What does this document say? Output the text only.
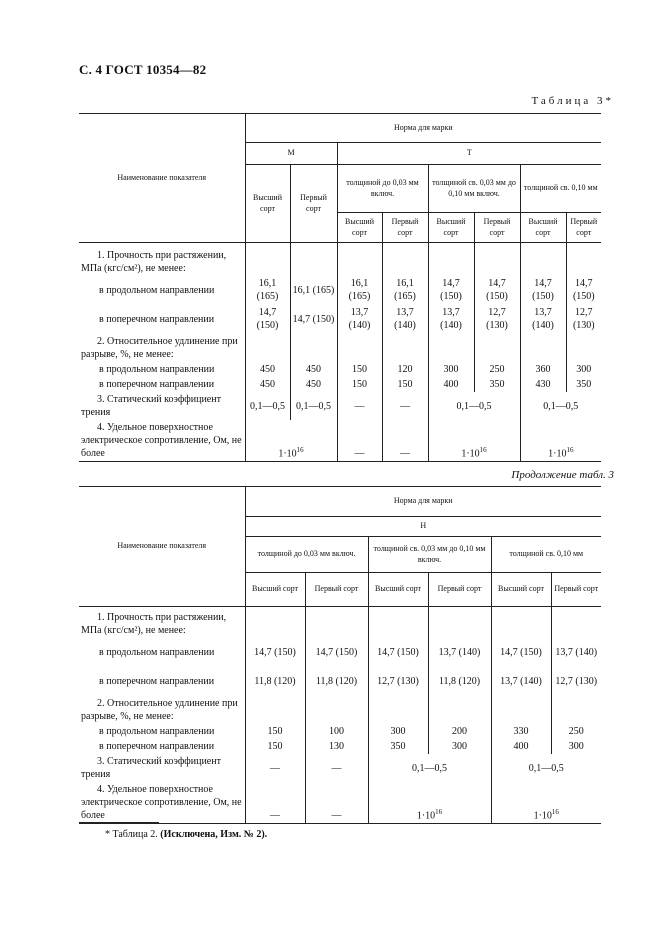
С. 4 ГОСТ 10354—82
Таблица 3*
Наименование показателя	Норма для марки							
	М		Т					
	Высший сорт	Первый сорт	толщиной до 0,03 мм включ.		толщиной св. 0,03 мм до 0,10 мм включ.		толщиной св. 0,10 мм	
			Высший сорт	Первый сорт	Высший сорт	Первый сорт	Высший сорт	Первый сорт
1. Прочность при растяжении, МПа (кгс/см²), не менее:								
в продольном направлении	16,1 (165)	16,1 (165)	16,1 (165)	16,1 (165)	14,7 (150)	14,7 (150)	14,7 (150)	14,7 (150)
в поперечном направлении	14,7 (150)	14,7 (150)	13,7 (140)	13,7 (140)	13,7 (140)	12,7 (130)	13,7 (140)	12,7 (130)
2. Относительное удлинение при разрыве, %, не менее:								
в продольном направлении	450	450	150	120	300	250	360	300
в поперечном направлении	450	450	150	150	400	350	430	350
3. Статический коэффициент трения	0,1—0,5	0,1—0,5	—	—	0,1—0,5		0,1—0,5	
4. Удельное поверхностное электрическое сопротивление, Ом, не более	$1\cdot 10^{16}$		—	—	$1\cdot 10^{16}$		$1\cdot 10^{16}$
Продолжение табл. 3
Наименование показателя	Норма для марки					
	Н					
	толщиной до 0,03 мм включ.		толщиной св. 0,03 мм до 0,10 мм включ.		толщиной св. 0,10 мм	
	Высший сорт	Первый сорт	Высший сорт	Первый сорт	Высший сорт	Первый сорт
1. Прочность при растяжении, МПа (кгс/см²), не менее:						
в продольном направлении	14,7 (150)	14,7 (150)	14,7 (150)	13,7 (140)	14,7 (150)	13,7 (140)
в поперечном направлении	11,8 (120)	11,8 (120)	12,7 (130)	11,8 (120)	13,7 (140)	12,7 (130)
2. Относительное удлинение при разрыве, %, не менее:						
в продольном направлении	150	100	300	200	330	250
в поперечном направлении	150	130	350	300	400	300
3. Статический коэффициент трения	—	—	0,1—0,5		0,1—0,5	
4. Удельное поверхностное электрическое сопротивление, Ом, не более	—	—	$1\cdot 10^{16}$		$1\cdot 10^{16}$
* Таблица 2. (Исключена, Изм. № 2).
